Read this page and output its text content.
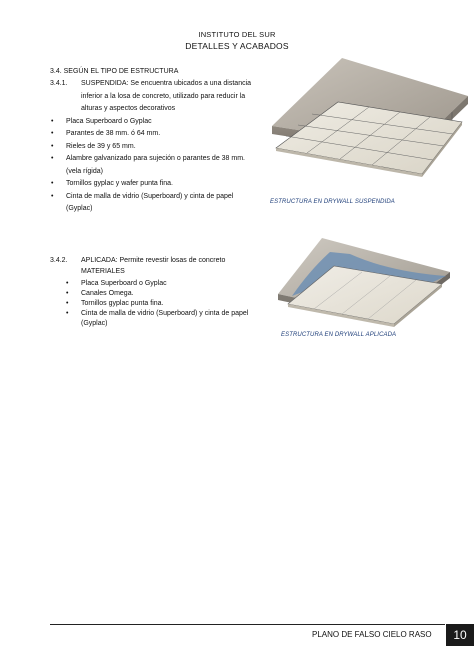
INSTITUTO DEL SUR
DETALLES Y ACABADOS
3.4. SEGÚN EL TIPO DE ESTRUCTURA
3.4.1. SUSPENDIDA: Se encuentra ubicados a una distancia
inferior a la losa de concreto, utilizado para reducir la
alturas y aspectos decorativos
• Placa Superboard o Gyplac
• Parantes de 38 mm. ó 64 mm.
• Rieles de 39 y 65 mm.
• Alambre galvanizado para sujeción o parantes de 38 mm.
(vela rígida)
• Tornillos gyplac y wafer punta fina.
• Cinta de malla de vidrio (Superboard) y cinta de papel
(Gyplac)
ESTRUCTURA EN DRYWALL SUSPENDIDA
3.4.2. APLICADA: Permite revestir losas de concreto
MATERIALES
• Placa Superboard o Gyplac
• Canales Omega.
• Tornillos gyplac punta fina.
• Cinta de malla de vidrio (Superboard) y cinta de papel
(Gyplac)
ESTRUCTURA EN DRYWALL APLICADA
PLANO DE FALSO CIELO RASO	10
